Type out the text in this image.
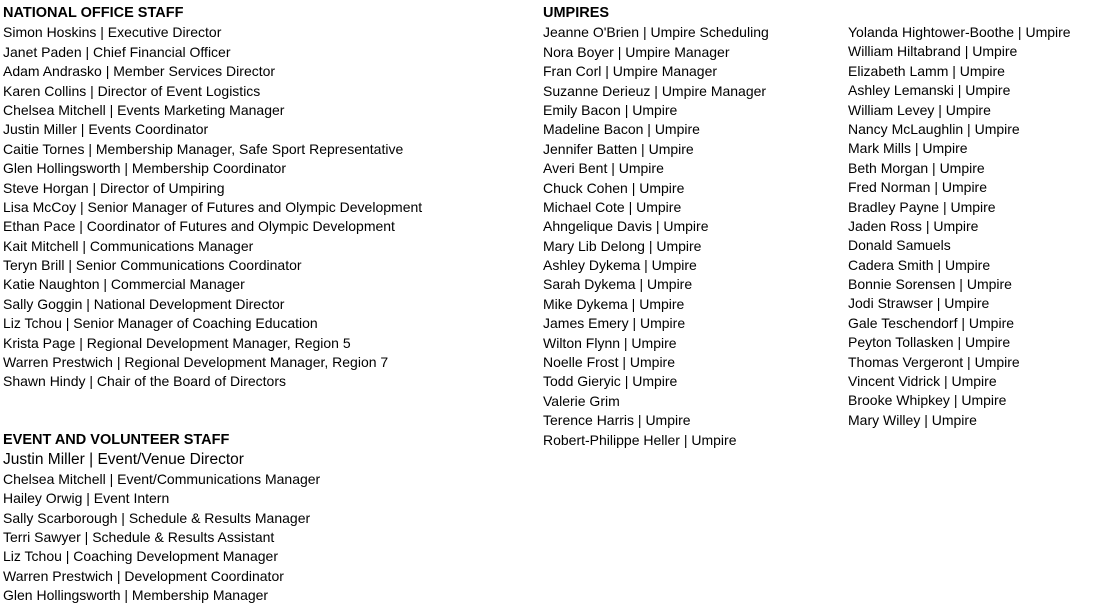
NATIONAL OFFICE STAFF
Simon Hoskins | Executive Director
Janet Paden | Chief Financial Officer
Adam Andrasko | Member Services Director
Karen Collins | Director of Event Logistics
Chelsea Mitchell | Events Marketing Manager
Justin Miller | Events Coordinator
Caitie Tornes | Membership Manager, Safe Sport Representative
Glen Hollingsworth | Membership Coordinator
Steve Horgan | Director of Umpiring
Lisa McCoy | Senior Manager of Futures and Olympic Development
Ethan Pace | Coordinator of Futures and Olympic Development
Kait Mitchell | Communications Manager
Teryn Brill | Senior Communications Coordinator
Katie Naughton | Commercial Manager
Sally Goggin | National Development Director
Liz Tchou | Senior Manager of Coaching Education
Krista Page | Regional Development Manager, Region 5
Warren Prestwich | Regional Development Manager, Region 7
Shawn Hindy | Chair of the Board of Directors
EVENT AND VOLUNTEER STAFF
Justin Miller | Event/Venue Director
Chelsea Mitchell | Event/Communications Manager
Hailey Orwig | Event Intern
Sally Scarborough | Schedule & Results Manager
Terri Sawyer | Schedule & Results Assistant
Liz Tchou | Coaching Development Manager
Warren Prestwich | Development Coordinator
Glen Hollingsworth | Membership Manager
UMPIRES
Jeanne O'Brien | Umpire Scheduling
Nora Boyer | Umpire Manager
Fran Corl | Umpire Manager
Suzanne Derieuz | Umpire Manager
Emily Bacon | Umpire
Madeline Bacon | Umpire
Jennifer Batten | Umpire
Averi Bent | Umpire
Chuck Cohen | Umpire
Michael Cote | Umpire
Ahngelique Davis | Umpire
Mary Lib Delong | Umpire
Ashley Dykema | Umpire
Sarah Dykema | Umpire
Mike Dykema | Umpire
James Emery | Umpire
Wilton Flynn | Umpire
Noelle Frost | Umpire
Todd Gieryic | Umpire
Valerie Grim
Terence Harris | Umpire
Robert-Philippe Heller | Umpire
Yolanda Hightower-Boothe | Umpire
William Hiltabrand | Umpire
Elizabeth Lamm | Umpire
Ashley Lemanski | Umpire
William Levey | Umpire
Nancy McLaughlin | Umpire
Mark Mills | Umpire
Beth Morgan | Umpire
Fred Norman | Umpire
Bradley Payne | Umpire
Jaden Ross | Umpire
Donald Samuels
Cadera Smith | Umpire
Bonnie Sorensen | Umpire
Jodi Strawser | Umpire
Gale Teschendorf | Umpire
Peyton Tollasken | Umpire
Thomas Vergeront | Umpire
Vincent Vidrick | Umpire
Brooke Whipkey | Umpire
Mary Willey | Umpire
